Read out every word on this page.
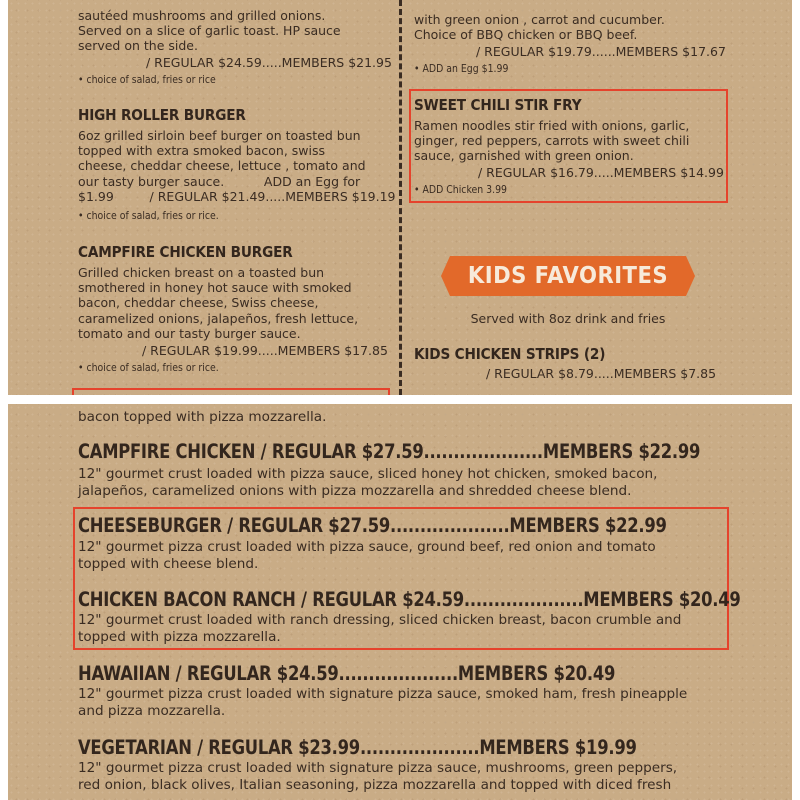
sautéed mushrooms and grilled onions.
Served on a slice of garlic toast. HP sauce
served on the side.
/ REGULAR $24.59.....MEMBERS $21.95
• choice of salad, fries or rice
HIGH ROLLER BURGER
6oz grilled sirloin beef burger on toasted bun
topped with extra smoked bacon, swiss
cheese, cheddar cheese, lettuce , tomato and
our tasty burger sauce.          ADD an Egg for
$1.99         / REGULAR $21.49.....MEMBERS $19.19
• choice of salad, fries or rice.
CAMPFIRE CHICKEN BURGER
Grilled chicken breast on a toasted bun
smothered in honey hot sauce with smoked
bacon, cheddar cheese, Swiss cheese,
caramelized onions, jalapeños, fresh lettuce,
tomato and our tasty burger sauce.
/ REGULAR $19.99.....MEMBERS $17.85
• choice of salad, fries or rice.
with green onion , carrot and cucumber.
Choice of BBQ chicken or BBQ beef.
/ REGULAR $19.79......MEMBERS $17.67
• ADD an Egg $1.99
SWEET CHILI STIR FRY
Ramen noodles stir fried with onions, garlic,
ginger, red peppers, carrots with sweet chili
sauce, garnished with green onion.
/ REGULAR $16.79.....MEMBERS $14.99
• ADD Chicken 3.99
KIDS FAVORITES
Served with 8oz drink and fries
KIDS CHICKEN STRIPS (2)
/ REGULAR $8.79.....MEMBERS $7.85
bacon topped with pizza mozzarella.
CAMPFIRE CHICKEN / REGULAR $27.59....................MEMBERS $22.99
12" gourmet crust loaded with pizza sauce, sliced honey hot chicken, smoked bacon,
jalapeños, caramelized onions with pizza mozzarella and shredded cheese blend.
CHEESEBURGER / REGULAR $27.59....................MEMBERS $22.99
12" gourmet pizza crust loaded with pizza sauce, ground beef, red onion and tomato
topped with cheese blend.
CHICKEN BACON RANCH / REGULAR $24.59....................MEMBERS $20.49
12" gourmet crust loaded with ranch dressing, sliced chicken breast, bacon crumble and
topped with pizza mozzarella.
HAWAIIAN / REGULAR $24.59....................MEMBERS $20.49
12" gourmet pizza crust loaded with signature pizza sauce, smoked ham, fresh pineapple
and pizza mozzarella.
VEGETARIAN / REGULAR $23.99....................MEMBERS $19.99
12" gourmet pizza crust loaded with signature pizza sauce, mushrooms, green peppers,
red onion, black olives, Italian seasoning, pizza mozzarella and topped with diced fresh
